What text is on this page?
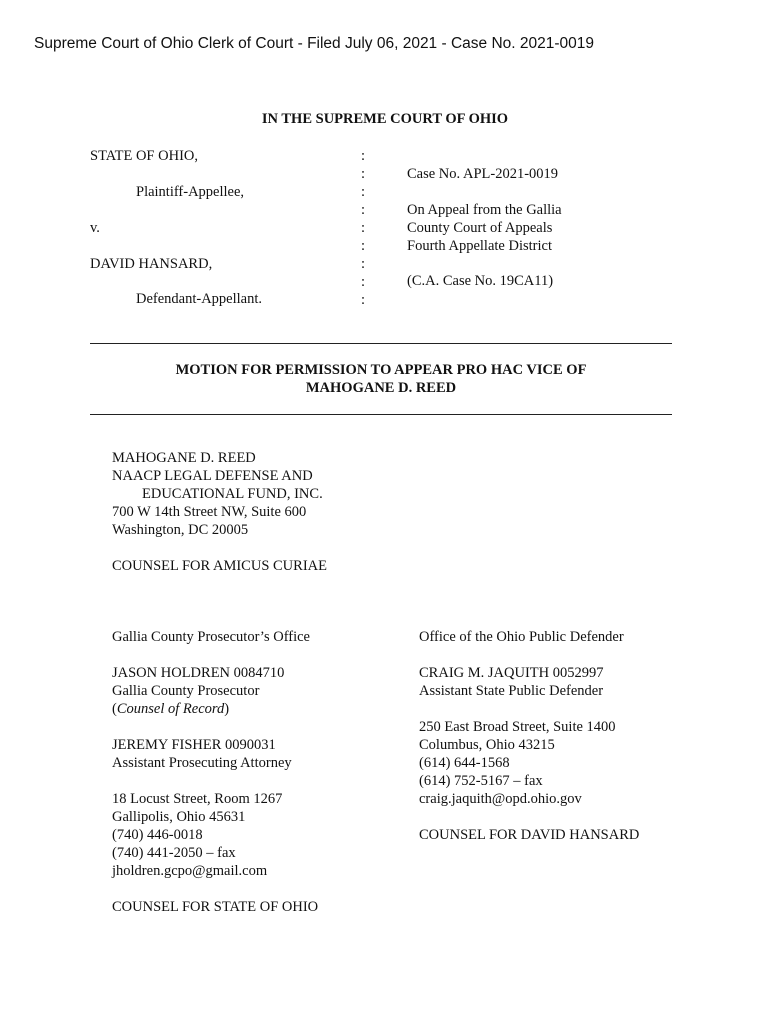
Supreme Court of Ohio Clerk of Court - Filed July 06, 2021 - Case No. 2021-0019
IN THE SUPREME COURT OF OHIO
STATE OF OHIO,
Plaintiff-Appellee,
v.
DAVID HANSARD,
Defendant-Appellant.
:
:
:
:
:
:
:
:
:
Case No. APL-2021-0019
On Appeal from the Gallia
County Court of Appeals
Fourth Appellate District
(C.A. Case No. 19CA11)
MOTION FOR PERMISSION TO APPEAR PRO HAC VICE OF
MAHOGANE D. REED
MAHOGANE D. REED
NAACP LEGAL DEFENSE AND
EDUCATIONAL FUND, INC.
700 W 14th Street NW, Suite 600
Washington, DC 20005
COUNSEL FOR AMICUS CURIAE
Gallia County Prosecutor’s Office
JASON HOLDREN 0084710
Gallia County Prosecutor
(Counsel of Record)
JEREMY FISHER 0090031
Assistant Prosecuting Attorney
18 Locust Street, Room 1267
Gallipolis, Ohio 45631
(740) 446-0018
(740) 441-2050 – fax
jholdren.gcpo@gmail.com
COUNSEL FOR STATE OF OHIO
Office of the Ohio Public Defender
CRAIG M. JAQUITH 0052997
Assistant State Public Defender
250 East Broad Street, Suite 1400
Columbus, Ohio 43215
(614) 644-1568
(614) 752-5167 – fax
craig.jaquith@opd.ohio.gov
COUNSEL FOR DAVID HANSARD
